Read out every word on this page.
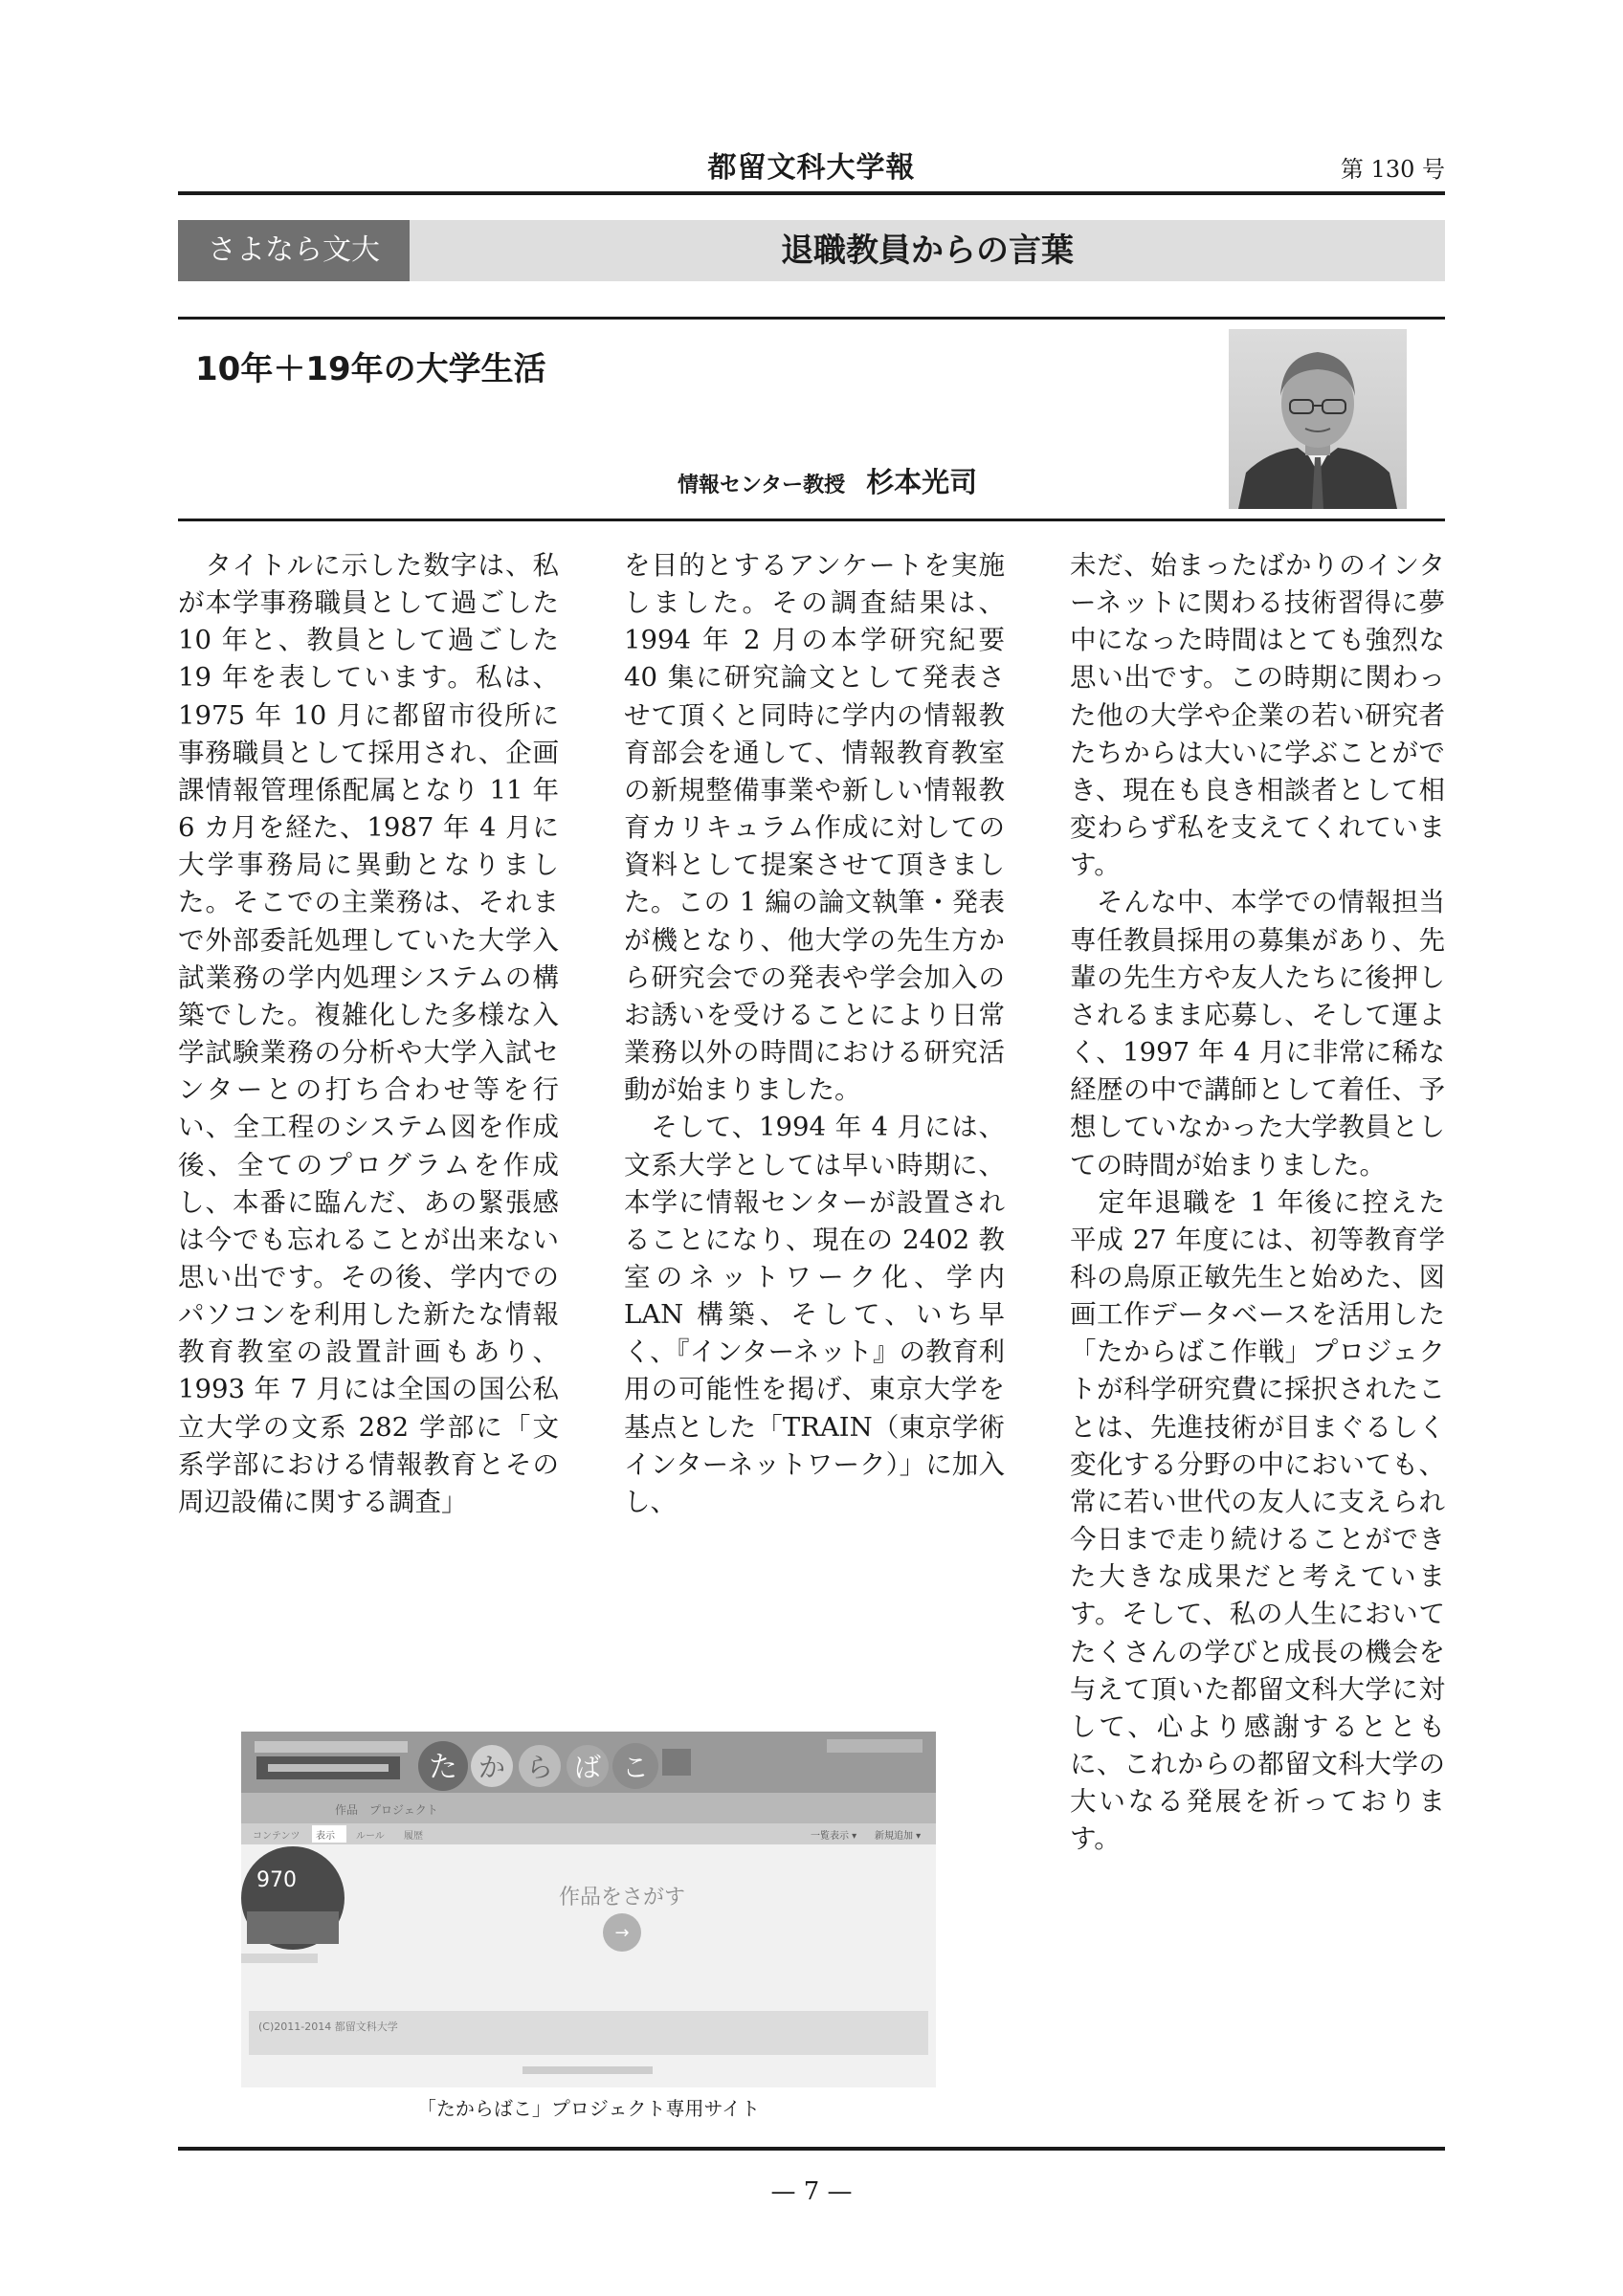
都留文科大学報	第 130 号
さよなら文大	退職教員からの言葉
10年＋19年の大学生活
情報センター教授 杉本光司

　タイトルに示した数字は、私が本学事務職員として過ごした 10 年と、教員として過ごした 19 年を表しています。私は、1975 年 10 月に都留市役所に事務職員として採用され、企画課情報管理係配属となり 11 年 6 カ月を経た、1987 年 4 月に大学事務局に異動となりました。そこでの主業務は、それまで外部委託処理していた大学入試業務の学内処理システムの構築でした。複雑化した多様な入学試験業務の分析や大学入試センターとの打ち合わせ等を行い、全工程のシステム図を作成後、全てのプログラムを作成し、本番に臨んだ、あの緊張感は今でも忘れることが出来ない思い出です。その後、学内でのパソコンを利用した新たな情報教育教室の設置計画もあり、1993 年 7 月には全国の国公私立大学の文系 282 学部に「文系学部における情報教育とその周辺設備に関する調査」

を目的とするアンケートを実施しました。その調査結果は、1994 年 2 月の本学研究紀要 40 集に研究論文として発表させて頂くと同時に学内の情報教育部会を通して、情報教育教室の新規整備事業や新しい情報教育カリキュラム作成に対しての資料として提案させて頂きました。この 1 編の論文執筆・発表が機となり、他大学の先生方から研究会での発表や学会加入のお誘いを受けることにより日常業務以外の時間における研究活動が始まりました。

　そして、1994 年 4 月には、文系大学としては早い時期に、本学に情報センターが設置されることになり、現在の 2402 教室のネットワーク化、学内 LAN 構築、そして、いち早く、『インターネット』の教育利用の可能性を掲げ、東京大学を基点とした「TRAIN（東京学術インターネットワーク）」に加入し、

未だ、始まったばかりのインターネットに関わる技術習得に夢中になった時間はとても強烈な思い出です。この時期に関わった他の大学や企業の若い研究者たちからは大いに学ぶことができ、現在も良き相談者として相変わらず私を支えてくれています。

　そんな中、本学での情報担当専任教員採用の募集があり、先輩の先生方や友人たちに後押しされるまま応募し、そして運よく、1997 年 4 月に非常に稀な経歴の中で講師として着任、予想していなかった大学教員としての時間が始まりました。

　定年退職を 1 年後に控えた平成 27 年度には、初等教育学科の鳥原正敏先生と始めた、図画工作データベースを活用した「たからばこ作戦」プロジェクトが科学研究費に採択されたことは、先進技術が目まぐるしく変化する分野の中においても、常に若い世代の友人に支えられ今日まで走り続けることができた大きな成果だと考えています。そして、私の人生においてたくさんの学びと成長の機会を与えて頂いた都留文科大学に対して、心より感謝するとともに、これからの都留文科大学の大いなる発展を祈っております。

た か ら ば こ
作品　プロジェクト
コンテンツ 表示 ルール 履歴	一覧表示 ▾ 新規追加 ▾
970
作品をさがす
→
(C)2011-2014 都留文科大学
「たからばこ」プロジェクト専用サイト
— 7 —
